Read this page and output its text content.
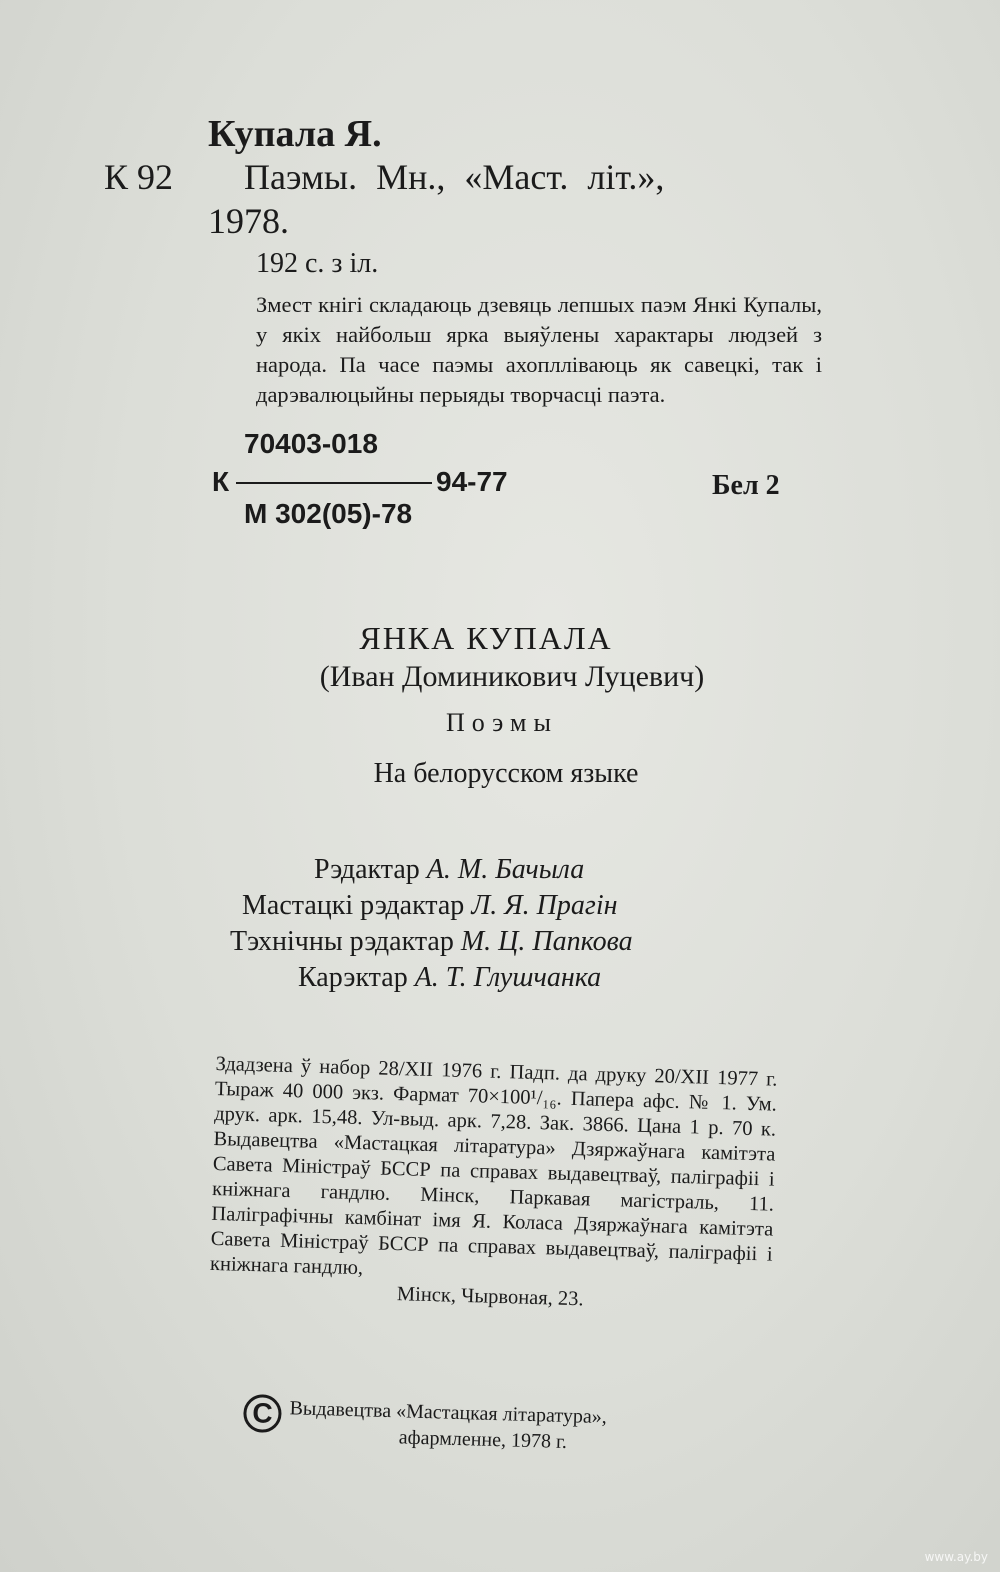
Купала Я.
К 92 Паэмы. Мн., «Маст. літ.»,
1978.
192 с. з іл.
Змест кнігі складаюць дзевяць лепшых паэм Янкі Купалы, у якіх найбольш ярка выяўлены характары людзей з народа. Па часе паэмы ахоплліваюць як савецкі, так і дарэвалюцыйны перыяды творчасці паэта.
70403-018
К	94-77
М 302(05)-78
Бел 2
ЯНКА КУПАЛА
(Иван Доминикович Луцевич)
Поэмы
На белорусском языке
Рэдактар А. М. Бачыла
Мастацкі рэдактар Л. Я. Прагін
Тэхнічны рэдактар М. Ц. Папкова
Карэктар А. Т. Глушчанка
Здадзена ў набор 28/ХІІ 1976 г. Падп. да друку 20/ХІІ 1977 г. Тыраж 40 000 экз. Фармат 70×100¹/₁₆. Папера афс. № 1. Ум. друк. арк. 15,48. Ул-выд. арк. 7,28. Зак. 3866. Цана 1 р. 70 к. Выдавецтва «Мастацкая літаратура» Дзяржаўнага камітэта Савета Міністраў БССР па справах выдавецтваў, паліграфіі і кніжнага гандлю. Мінск, Паркавая магістраль, 11. Паліграфічны камбінат імя Я. Коласа Дзяржаўнага камітэта Савета Міністраў БССР па справах выдавецтваў, паліграфіі і кніжнага гандлю,
Мінск, Чырвоная, 23.
C Выдавецтва «Мастацкая літаратура»,
афармленне, 1978 г.
www.ay.by
